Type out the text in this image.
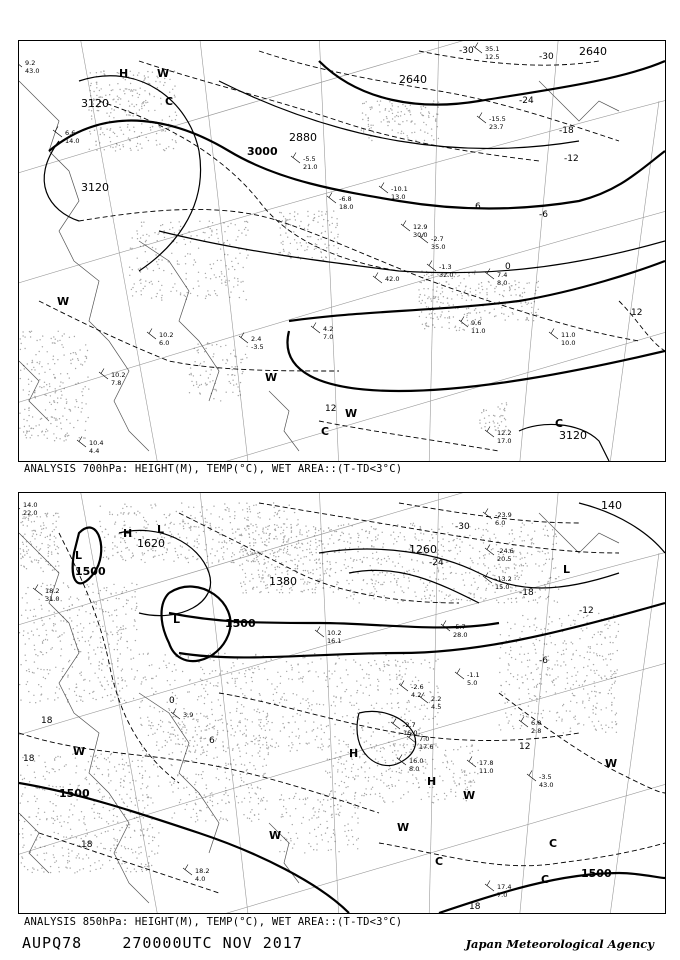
3120
3120
3000
2880
2640
2640
3120
-30
-30
-24
-18
-12
-6
0
6
12
12
H	W
C
W
W
W
C
C
9.2
43.0
6.6
14.0
35.1
12.5
-5.5
21.0
-10.1
13.0
-2.7
35.0
-1.3
32.0	7.4
8.0
9.6
11.0	11.0
10.0
10.2
6.0
10.2
7.8
12.2
17.0
10.4
4.4
-15.5
23.7
-6.8
18.0
12.9
30.0
4.2
7.0
2.4
-3.5
42.0
ANALYSIS 700hPa: HEIGHT(M), TEMP(°C), WET AREA::(T-TD<3°C)
1620
1500
1500
1380
1260
1500
1500
140
-30
-24
-18
-12
-6
0
6
12
18
18
18
18
H L
L
L
H
H
L
W
W
W
W
C
C
W
C
14.0
22.0
18.2
31.0
-23.9
6.0
-24.6
20.5
-13.2
15.0
-5.7
28.0
-1.1
5.0
2.2
4.5
6.0
2.8
17.8
11.0
16.0
8.0
18.2
4.0
17.4
7.0
-3.5
43.0
10.2
16.1
-2.6
4.2
-2.7
16.0
7.0
17.6
3.9
ANALYSIS 850hPa: HEIGHT(M), TEMP(°C), WET AREA::(T-TD<3°C)
AUPQ78	270000UTC NOV 2017	Japan Meteorological Agency
